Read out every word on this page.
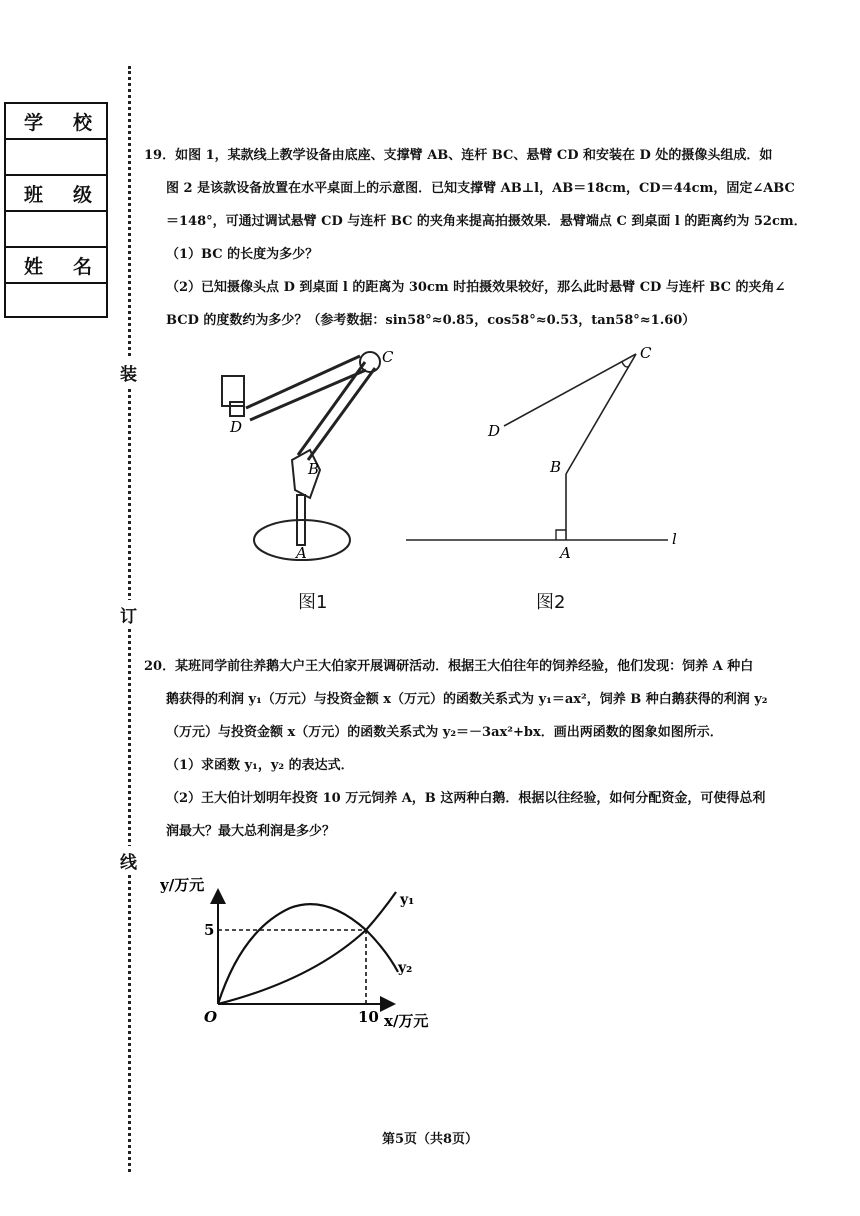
学 校
班 级
姓 名
装
订
线

19．如图 1，某款线上教学设备由底座、支撑臂 AB、连杆 BC、悬臂 CD 和安装在 D 处的摄像头组成．如

图 2 是该款设备放置在水平桌面上的示意图．已知支撑臂 AB⊥l，AB＝18cm，CD＝44cm，固定∠ABC

＝148°，可通过调试悬臂 CD 与连杆 BC 的夹角来提高拍摄效果．悬臂端点 C 到桌面 l 的距离约为 52cm．

（1）BC 的长度为多少？

（2）已知摄像头点 D 到桌面 l 的距离为 30cm 时拍摄效果较好，那么此时悬臂 CD 与连杆 BC 的夹角∠

BCD 的度数约为多少？（参考数据：sin58°≈0.85，cos58°≈0.53，tan58°≈1.60）

D
C
B
A
图1
C
D
B
A
l
图2

20．某班同学前往养鹅大户王大伯家开展调研活动．根据王大伯往年的饲养经验，他们发现：饲养 A 种白

鹅获得的利润 y₁（万元）与投资金额 x（万元）的函数关系式为 y₁＝ax²，饲养 B 种白鹅获得的利润 y₂

（万元）与投资金额 x（万元）的函数关系式为 y₂＝－3ax²+bx．画出两函数的图象如图所示．

（1）求函数 y₁，y₂ 的表达式．

（2）王大伯计划明年投资 10 万元饲养 A，B 这两种白鹅．根据以往经验，如何分配资金，可使得总利

润最大？最大总利润是多少？

y/万元
x/万元
O
5
10
y₁
y₂
第5页（共8页）
